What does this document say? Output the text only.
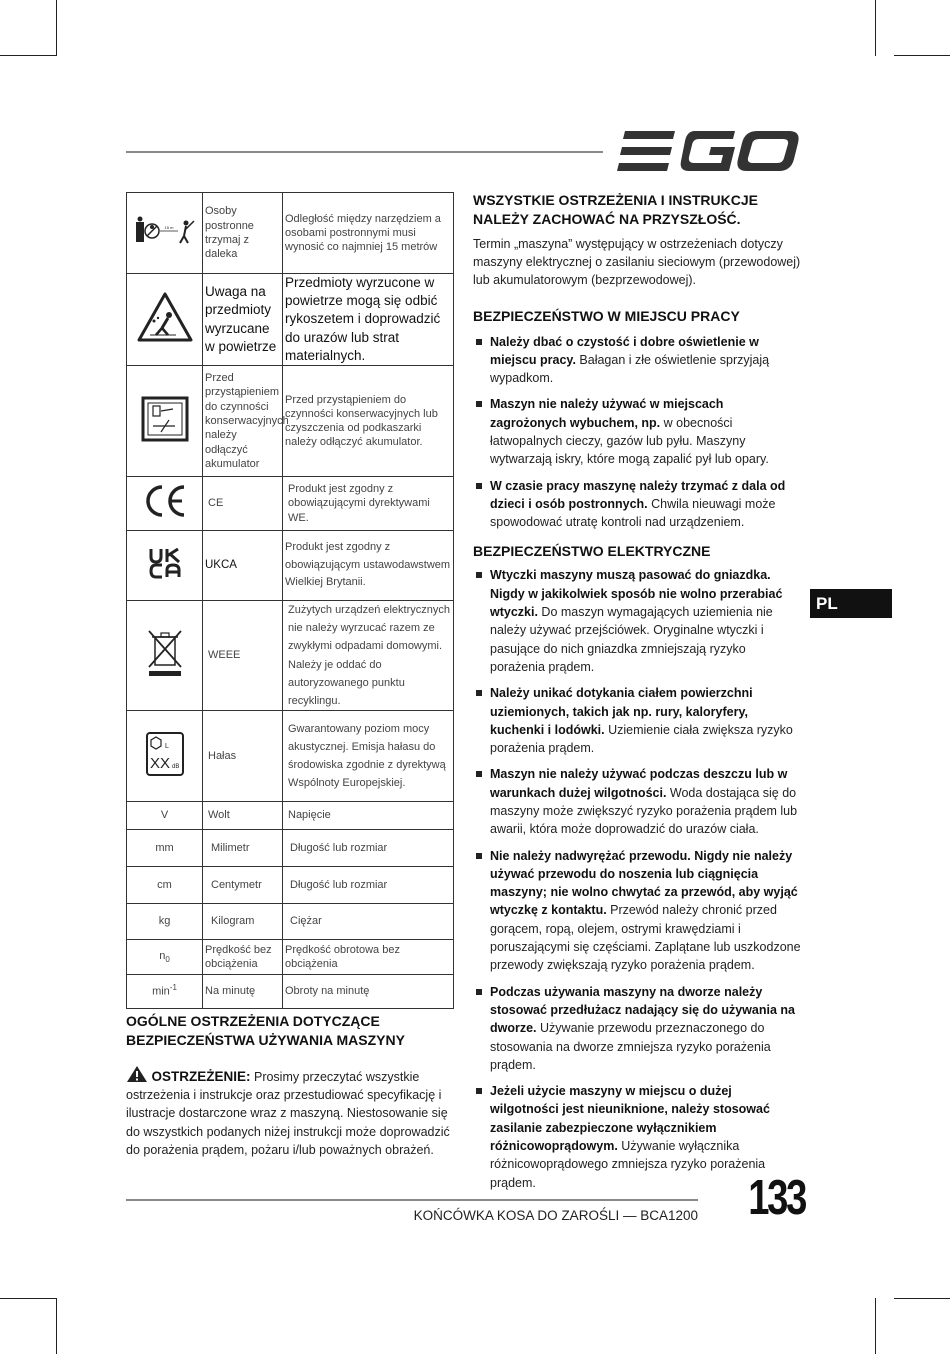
EGO
15 m	Osoby postronne trzymaj z daleka	Odległość między narzędziem a osobami postronnymi musi wynosić co najmniej 15 metrów
	Uwaga na przedmioty wyrzucane w powietrze	Przedmioty wyrzucone w powietrze mogą się odbić rykoszetem i doprowadzić do urazów lub strat materialnych.
	Przed przystąpieniem do czynności konserwacyjnych należy odłączyć akumulator	Przed przystąpieniem do czynności konserwacyjnych lub czyszczenia od podkaszarki należy odłączyć akumulator.
	CE	Produkt jest zgodny z obowiązującymi dyrektywami WE.
	UKCA	Produkt jest zgodny z obowiązującym ustawodawstwem Wielkiej Brytanii.
	WEEE	Zużytych urządzeń elektrycznych nie należy wyrzucać razem ze zwykłymi odpadami domowymi. Należy je oddać do autoryzowanego punktu recyklingu.

L
XX dB	Hałas	Gwarantowany poziom mocy akustycznej. Emisja hałasu do środowiska zgodnie z dyrektywą Wspólnoty Europejskiej.
V	Wolt	Napięcie
mm	Milimetr	Długość lub rozmiar
cm	Centymetr	Długość lub rozmiar
kg	Kilogram	Ciężar
$n_0$	Prędkość bez obciążenia	Prędkość obrotowa bez obciążenia
$\min^{-1}$	Na minutę	Obroty na minutę
OGÓLNE OSTRZEŻENIA DOTYCZĄCE BEZPIECZEŃSTWA UŻYWANIA MASZYNY

OSTRZEŻENIE: Prosimy przeczytać wszystkie ostrzeżenia i instrukcje oraz przestudiować specyfikację i ilustracje dostarczone wraz z maszyną. Niestosowanie się do wszystkich podanych niżej instrukcji może doprowadzić do porażenia prądem, pożaru i/lub poważnych obrażeń.

WSZYSTKIE OSTRZEŻENIA I INSTRUKCJE NALEŻY ZACHOWAĆ NA PRZYSZŁOŚĆ.

Termin „maszyna” występujący w ostrzeżeniach dotyczy maszyny elektrycznej o zasilaniu sieciowym (przewodowej) lub akumulatorowym (bezprzewodowej).

BEZPIECZEŃSTWO W MIEJSCU PRACY
Należy dbać o czystość i dobre oświetlenie w miejscu pracy. Bałagan i złe oświetlenie sprzyjają wypadkom.
Maszyn nie należy używać w miejscach zagrożonych wybuchem, np. w obecności łatwopalnych cieczy, gazów lub pyłu. Maszyny wytwarzają iskry, które mogą zapalić pył lub opary.
W czasie pracy maszynę należy trzymać z dala od dzieci i osób postronnych. Chwila nieuwagi może spowodować utratę kontroli nad urządzeniem.
BEZPIECZEŃSTWO ELEKTRYCZNE
Wtyczki maszyny muszą pasować do gniazdka. Nigdy w jakikolwiek sposób nie wolno przerabiać wtyczki. Do maszyn wymagających uziemienia nie należy używać przejściówek. Oryginalne wtyczki i pasujące do nich gniazdka zmniejszają ryzyko porażenia prądem.
Należy unikać dotykania ciałem powierzchni uziemionych, takich jak np. rury, kaloryfery, kuchenki i lodówki. Uziemienie ciała zwiększa ryzyko porażenia prądem.
Maszyn nie należy używać podczas deszczu lub w warunkach dużej wilgotności. Woda dostająca się do maszyny może zwiększyć ryzyko porażenia prądem lub awarii, która może doprowadzić do urazów ciała.
Nie należy nadwyrężać przewodu. Nigdy nie należy używać przewodu do noszenia lub ciągnięcia maszyny; nie wolno chwytać za przewód, aby wyjąć wtyczkę z kontaktu. Przewód należy chronić przed gorącem, ropą, olejem, ostrymi krawędziami i poruszającymi się częściami. Zaplątane lub uszkodzone przewody zwiększają ryzyko porażenia prądem.
Podczas używania maszyny na dworze należy stosować przedłużacz nadający się do używania na dworze. Używanie przewodu przeznaczonego do stosowania na dworze zmniejsza ryzyko porażenia prądem.
Jeżeli użycie maszyny w miejscu o dużej wilgotności jest nieuniknione, należy stosować zasilanie zabezpieczone wyłącznikiem różnicowoprądowym. Używanie wyłącznika różnicowoprądowego zmniejsza ryzyko porażenia prądem.
PL
KOŃCÓWKA KOSA DO ZAROŚLI — BCA1200 133
